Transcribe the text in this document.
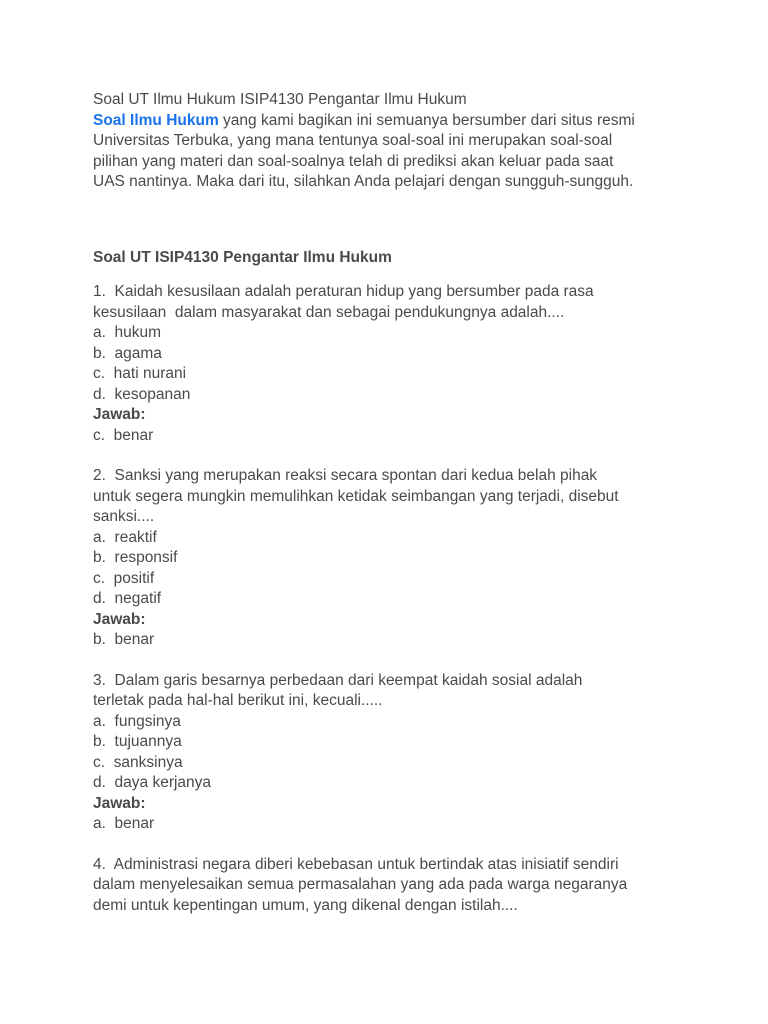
Soal UT Ilmu Hukum ISIP4130 Pengantar Ilmu Hukum
Soal Ilmu Hukum yang kami bagikan ini semuanya bersumber dari situs resmi
Universitas Terbuka, yang mana tentunya soal-soal ini merupakan soal-soal
pilihan yang materi dan soal-soalnya telah di prediksi akan keluar pada saat
UAS nantinya. Maka dari itu, silahkan Anda pelajari dengan sungguh-sungguh.
Soal UT ISIP4130 Pengantar Ilmu Hukum
1.  Kaidah kesusilaan adalah peraturan hidup yang bersumber pada rasa
kesusilaan  dalam masyarakat dan sebagai pendukungnya adalah....
a.  hukum
b.  agama
c.  hati nurani
d.  kesopanan
Jawab:
c.  benar
2.  Sanksi yang merupakan reaksi secara spontan dari kedua belah pihak
untuk segera mungkin memulihkan ketidak seimbangan yang terjadi, disebut
sanksi....
a.  reaktif
b.  responsif
c.  positif
d.  negatif
Jawab:
b.  benar
3.  Dalam garis besarnya perbedaan dari keempat kaidah sosial adalah
terletak pada hal-hal berikut ini, kecuali.....
a.  fungsinya
b.  tujuannya
c.  sanksinya
d.  daya kerjanya
Jawab:
a.  benar
4.  Administrasi negara diberi kebebasan untuk bertindak atas inisiatif sendiri
dalam menyelesaikan semua permasalahan yang ada pada warga negaranya
demi untuk kepentingan umum, yang dikenal dengan istilah....
